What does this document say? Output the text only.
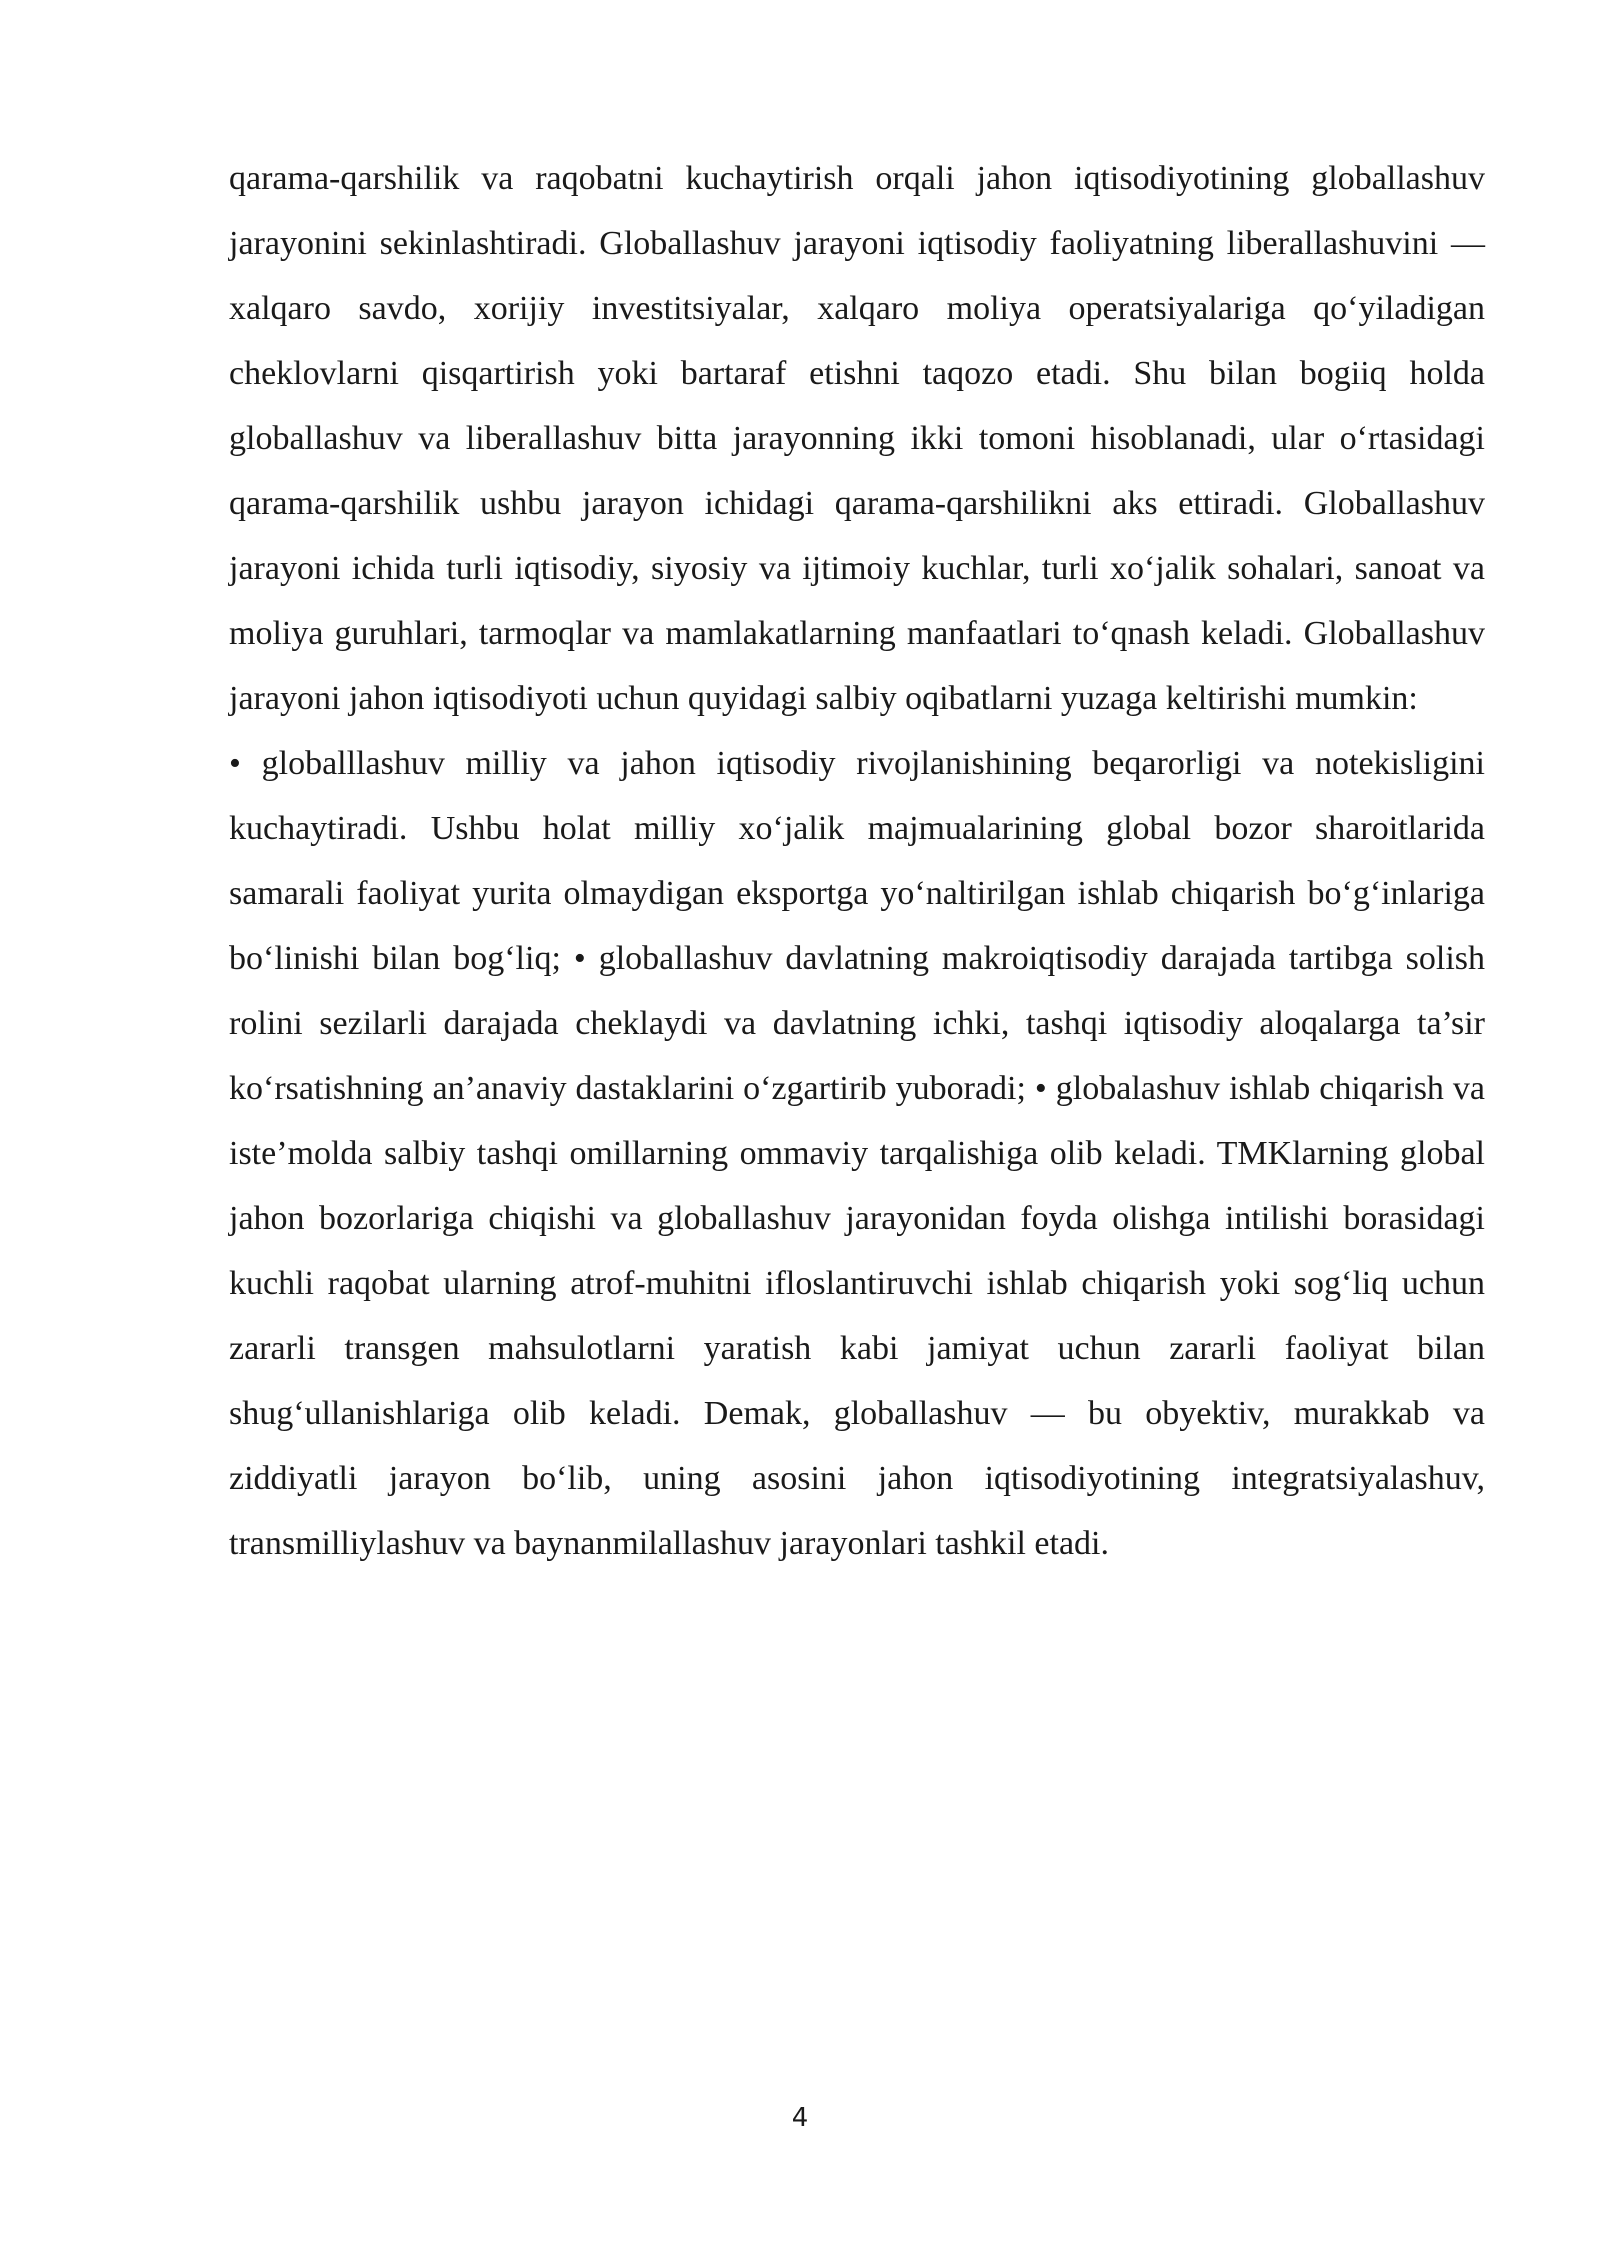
qarama-qarshilik va raqobatni kuchaytirish orqali jahon iqtisodiyotining globallashuv jarayonini sekinlashtiradi. Globallashuv jarayoni iqtisodiy faoliyatning liberallashuvini — xalqaro savdo, xorijiy investitsiyalar, xalqaro moliya operatsiyalariga qo‘yiladigan cheklovlarni qisqartirish yoki bartaraf etishni taqozo etadi. Shu bilan bogiiq holda globallashuv va liberallashuv bitta jarayonning ikki tomoni hisoblanadi, ular o‘rtasidagi qarama-qarshilik ushbu jarayon ichidagi qarama-qarshilikni aks ettiradi. Globallashuv jarayoni ichida turli iqtisodiy, siyosiy va ijtimoiy kuchlar, turli xo‘jalik sohalari, sanoat va moliya guruhlari, tarmoqlar va mamlakatlarning manfaatlari to‘qnash keladi. Globallashuv jarayoni jahon iqtisodiyoti uchun quyidagi salbiy oqibatlarni yuzaga keltirishi mumkin:

• globalllashuv milliy va jahon iqtisodiy rivojlanishining beqarorligi va notekisligini kuchaytiradi. Ushbu holat milliy xo‘jalik majmualarining global bozor sharoitlarida samarali faoliyat yurita olmaydigan eksportga yo‘naltirilgan ishlab chiqarish bo‘g‘inlariga bo‘linishi bilan bog‘liq; • globallashuv davlatning makroiqtisodiy darajada tartibga solish rolini sezilarli darajada cheklaydi va davlatning ichki, tashqi iqtisodiy aloqalarga ta’sir ko‘rsatishning an’anaviy dastaklarini o‘zgartirib yuboradi; • globalashuv ishlab chiqarish va iste’molda salbiy tashqi omillarning ommaviy tarqalishiga olib keladi. TMKlarning global jahon bozorlariga chiqishi va globallashuv jarayonidan foyda olishga intilishi borasidagi kuchli raqobat ularning atrof-muhitni ifloslantiruvchi ishlab chiqarish yoki sog‘liq uchun zararli transgen mahsulotlarni yaratish kabi jamiyat uchun zararli faoliyat bilan shug‘ullanishlariga olib keladi. Demak, globallashuv — bu obyektiv, murakkab va ziddiyatli jarayon bo‘lib, uning asosini jahon iqtisodiyotining integratsiyalashuv, transmilliylashuv va baynanmilallashuv jarayonlari tashkil etadi.

4
